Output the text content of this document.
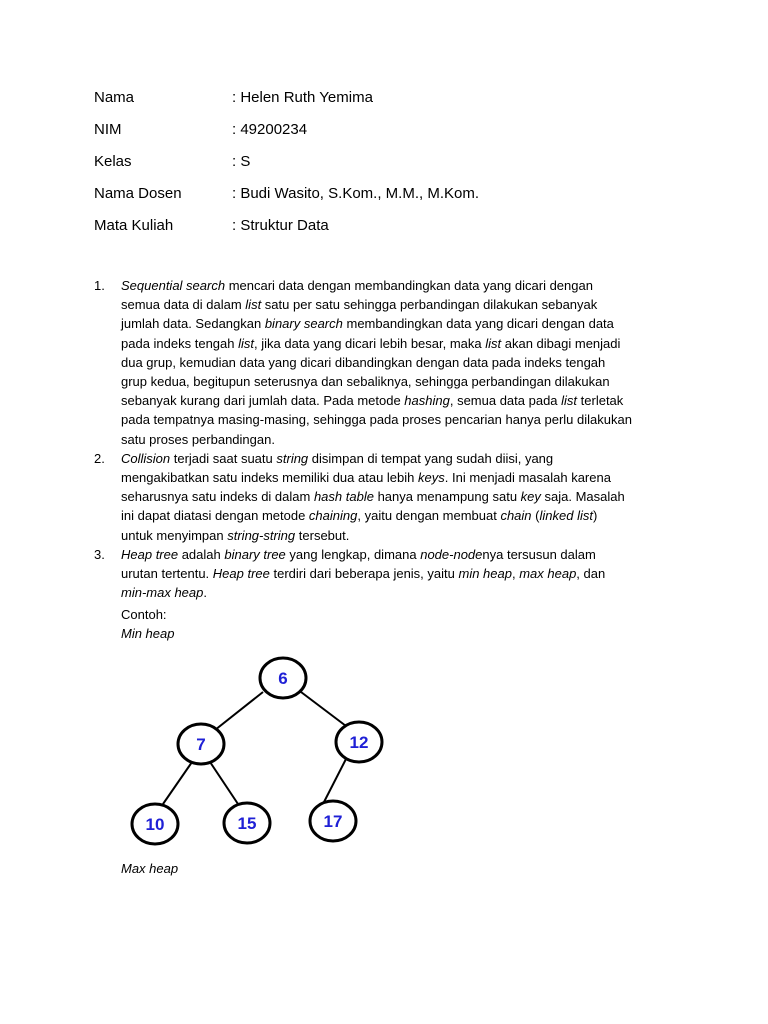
Nama	: Helen Ruth Yemima
NIM	: 49200234
Kelas	: S
Nama Dosen	: Budi Wasito, S.Kom., M.M., M.Kom.
Mata Kuliah	: Struktur Data
1. Sequential search mencari data dengan membandingkan data yang dicari dengan
semua data di dalam list satu per satu sehingga perbandingan dilakukan sebanyak
jumlah data. Sedangkan binary search membandingkan data yang dicari dengan data
pada indeks tengah list, jika data yang dicari lebih besar, maka list akan dibagi menjadi
dua grup, kemudian data yang dicari dibandingkan dengan data pada indeks tengah
grup kedua, begitupun seterusnya dan sebaliknya, sehingga perbandingan dilakukan
sebanyak kurang dari jumlah data. Pada metode hashing, semua data pada list terletak
pada tempatnya masing-masing, sehingga pada proses pencarian hanya perlu dilakukan
satu proses perbandingan.
2. Collision terjadi saat suatu string disimpan di tempat yang sudah diisi, yang
mengakibatkan satu indeks memiliki dua atau lebih keys. Ini menjadi masalah karena
seharusnya satu indeks di dalam hash table hanya menampung satu key saja. Masalah
ini dapat diatasi dengan metode chaining, yaitu dengan membuat chain (linked list)
untuk menyimpan string-string tersebut.
3. Heap tree adalah binary tree yang lengkap, dimana node-nodenya tersusun dalam
urutan tertentu. Heap tree terdiri dari beberapa jenis, yaitu min heap, max heap, dan
min-max heap.
Contoh:
Min heap
6
7	12
10	15	17
Max heap
